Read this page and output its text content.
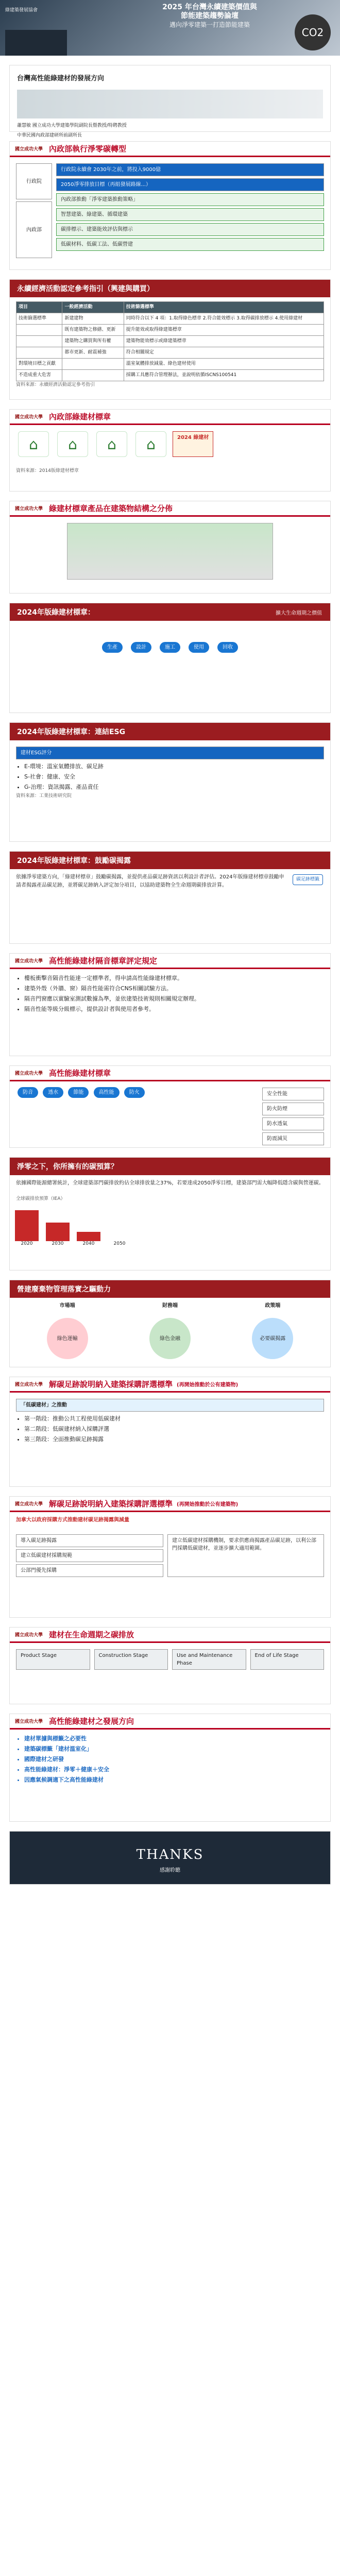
綠建築發展協會	2025 年台灣永續建築價值與
節能建築趨勢論壇
邁向淨零建築一打造節能建築
CO2
台灣高性能綠建材的發展方向
蕭慧敏 國立成功大學建築學院副院長暨教授/特聘教授
中華民國內政部建研所前副所長
國立成功大學 內政部執行淨零碳轉型
行政院
內政部
行政院永續會 2030年之前，將投入9000億
2050淨零排放目標（再組發展路線...）
內政部推動「淨零建築推動策略」
智慧建築、綠建築、循環建築
碳排標示、建築能效評估與標示
低碳材料、低碳工法、低碳營建
永續經濟活動認定參考指引（興建與購買）
項目	一般經濟活動	技術篩選標準
技術篩選標準	新建建物	同時符合以下 4 項：1.取得綠色標章 2.符合能效標示 3.取得碳排放標示 4.使用綠建材
	既有建築物之修繕、更新	提升能效或取得綠建築標章
	建築物之購買與所有權	建築物能效標示或綠建築標章
	都市更新、耐震補強	符合相關規定
對環境目標之貢獻		溫室氣體排放減量、綠色建材使用
不造成重大危害		採購工具應符合管理辦法，並說明依循ISCNS100541
資料來源：永續經濟活動認定參考指引
國立成功大學 內政部綠建材標章
⌂	⌂	⌂	⌂	2024 綠建材
資料來源：2014版綠建材標章
國立成功大學 綠建材標章產品在建築物結構之分佈
2024年版綠建材標章：	擴大生命週期之價值
生產	設計	施工	使用	回收
2024年版綠建材標章：連結ESG
建材ESG評分
• E-環境：溫室氣體排放、碳足跡
• S-社會：健康、安全
• G-治理：資訊揭露、產品責任
資料來源：工業技術研究院
2024年版綠建材標章：鼓勵碳揭露
依據淨零建築方向，「綠建材標章」鼓勵碳揭露，並提供產品碳足跡資訊以利設計者評估。2024年版綠建材標章鼓勵申請者揭露產品碳足跡，並將碳足跡納入評定加分項目，以協助建築物全生命週期碳排放計算。
碳足跡標籤
國立成功大學 高性能綠建材隔音標章評定規定
• 樓板衝擊音隔音性能達一定標準者，得申請高性能綠建材標章。
• 建築外殼（外牆、窗）隔音性能需符合CNS相關試驗方法。
• 隔音門窗應以實驗室測試數據為準，並依建築技術規則相關規定辦理。
• 隔音性能等級分級標示，提供設計者與使用者參考。
國立成功大學 高性能綠建材標章
防音	透水	節能	高性能	防火	安全性能
防火防煙
防水透氣
防震減災
淨零之下，你所擁有的碳預算？
依據國際能源總署統計，全球建築部門碳排放約佔全球排放量之37%，若要達成2050淨零目標，建築部門需大幅降低隱含碳與營運碳。
全球碳排放預算（IEA）
2020	2030	2040	2050
營建廢棄物管理落實之驅動力
市場端	財務端	政策端
綠色運輸	綠色金融	必要碳揭露
國立成功大學 解碳足跡說明納入建築採購評選標準 (再開始推動於公有建築物)
「低碳建材」之推動
• 第一階段：推動公共工程使用低碳建材
• 第二階段：低碳建材納入採購評選
• 第三階段：全面推動碳足跡揭露
國立成功大學 解碳足跡說明納入建築採購評選標準 (再開始推動於公有建築物)
加拿大以政府採購方式推動建材碳足跡揭露與減量
導入碳足跡揭露
建立低碳建材採購規範
公部門優先採購
建立低碳建材採購機制，要求供應商揭露產品碳足跡，以利公部門採購低碳建材，並逐步擴大適用範圍。
國立成功大學 建材在生命週期之碳排放
Product Stage	Construction Stage	Use and Maintenance Phase
End of Life Stage
國立成功大學 高性能綠建材之發展方向
• 建材單據與標籤之必要性
• 建築碳標籤「建材溫室化」
• 國際建材之研發
• 高性能綠建材：淨零＋健康＋安全
• 因應氣候調適下之高性能綠建材
THANKS
感謝聆聽
